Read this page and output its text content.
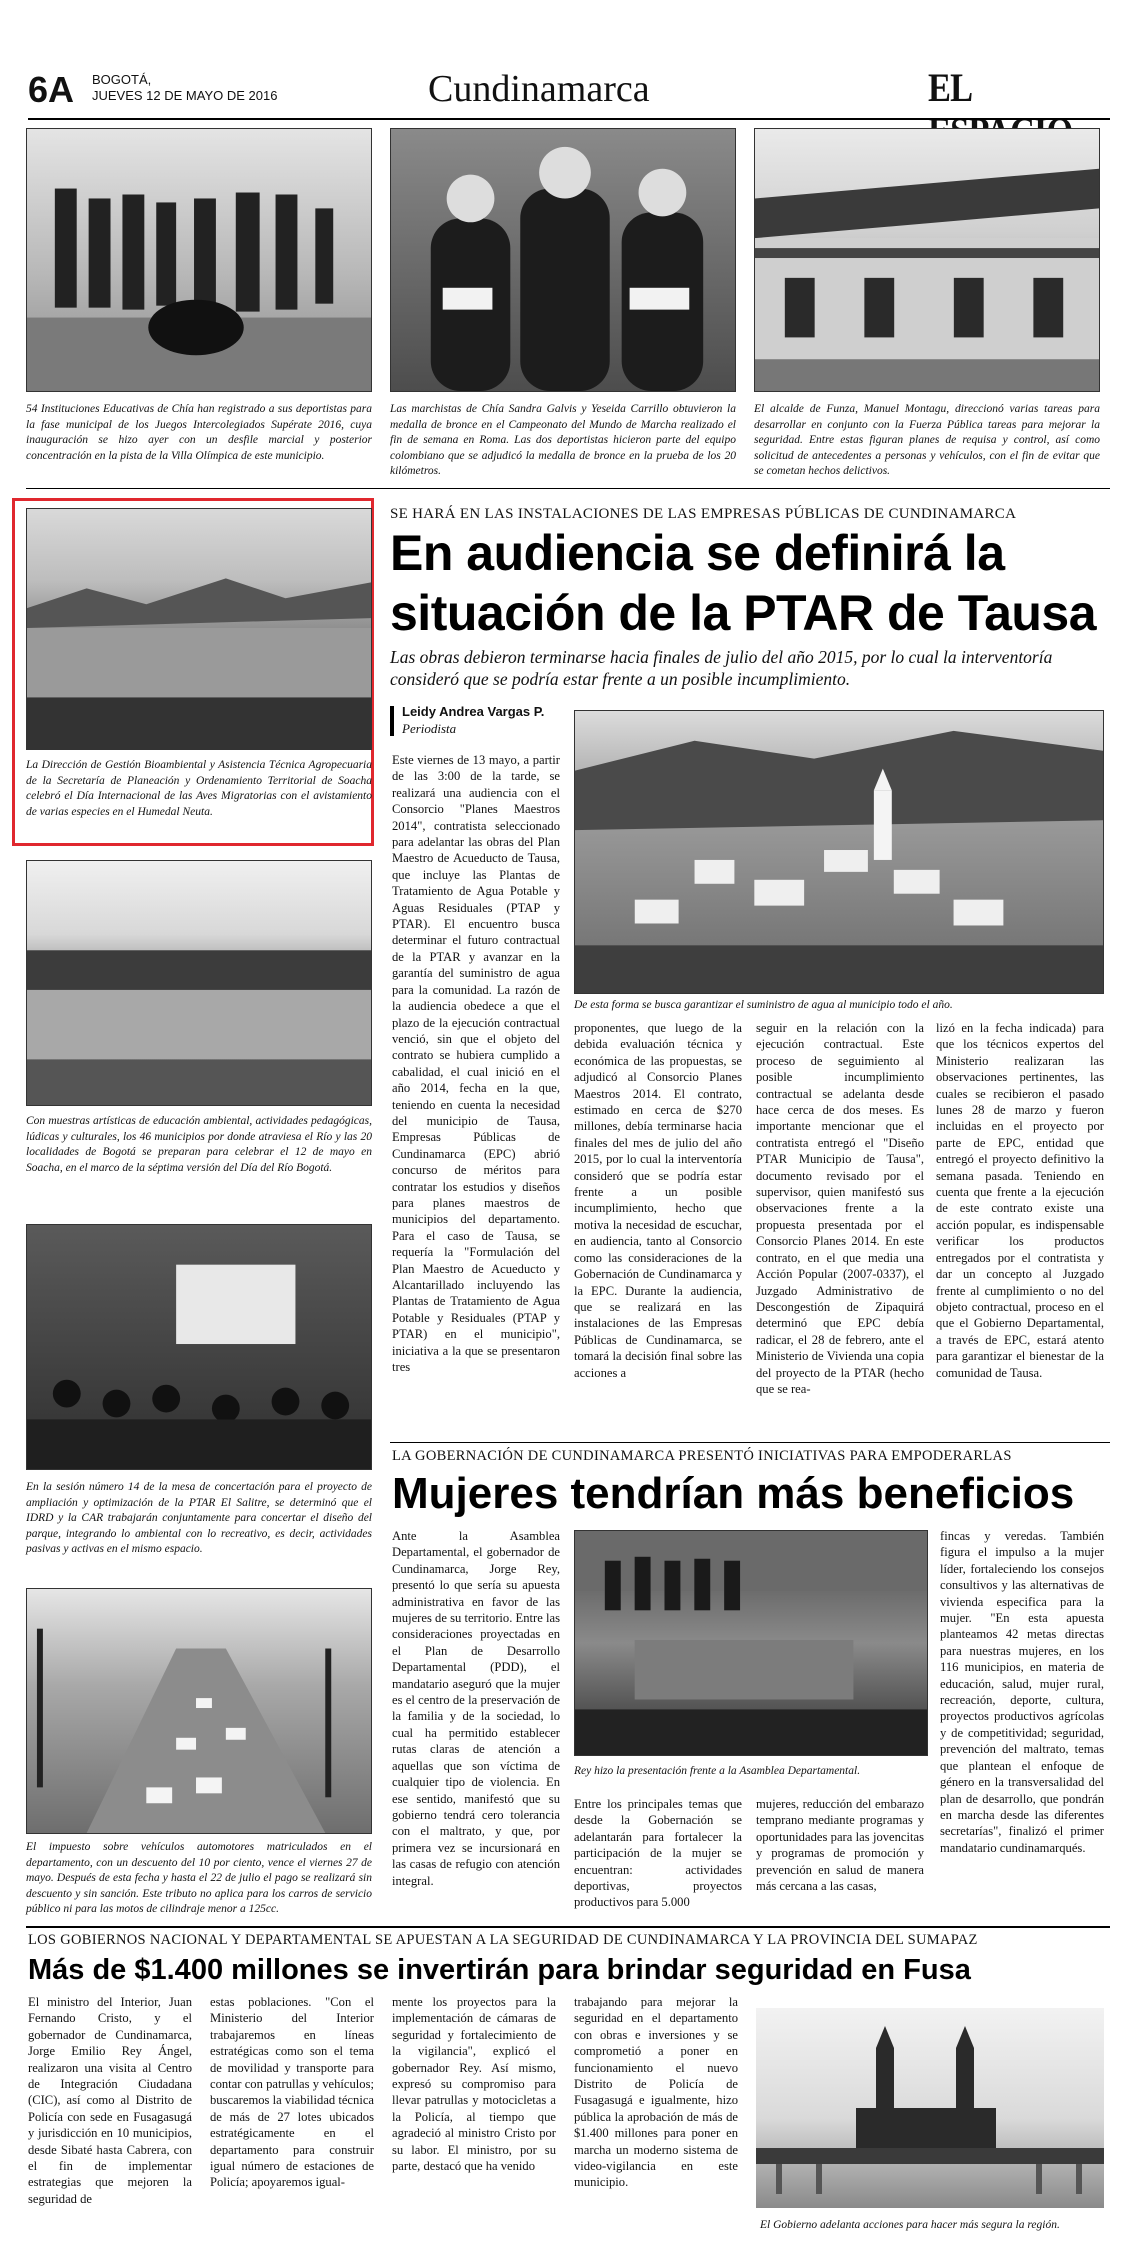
6A BOGOTÁ,
JUEVES 12 DE MAYO DE 2016	Cundinamarca	EL
54 Instituciones Educativas de Chía han registrado a sus deportistas para la fase municipal de los Juegos Intercolegiados Supérate 2016, cuya inauguración se hizo ayer con un desfile marcial y posterior concentración en la pista de la Villa Olímpica de este municipio.
Las marchistas de Chía Sandra Galvis y Yeseida Carrillo obtuvieron la medalla de bronce en el Campeonato del Mundo de Marcha realizado el fin de semana en Roma. Las dos deportistas hicieron parte del equipo colombiano que se adjudicó la medalla de bronce en la prueba de los 20 kilómetros.
El alcalde de Funza, Manuel Montagu, direccionó varias tareas para desarrollar en conjunto con la Fuerza Pública tareas para mejorar la seguridad. Entre estas figuran planes de requisa y control, así como solicitud de antecedentes a personas y vehículos, con el fin de evitar que se cometan hechos delictivos.
La Dirección de Gestión Bioambiental y Asistencia Técnica Agropecuaria de la Secretaría de Planeación y Ordenamiento Territorial de Soacha celebró el Día Internacional de las Aves Migratorias con el avistamiento de varias especies en el Humedal Neuta.
Con muestras artísticas de educación ambiental, actividades pedagógicas, lúdicas y culturales, los 46 municipios por donde atraviesa el Río y las 20 localidades de Bogotá se preparan para celebrar el 12 de mayo en Soacha, en el marco de la séptima versión del Día del Río Bogotá.
En la sesión número 14 de la mesa de concertación para el proyecto de ampliación y optimización de la PTAR El Salitre, se determinó que el IDRD y la CAR trabajarán conjuntamente para concertar el diseño del parque, integrando lo ambiental con lo recreativo, es decir, actividades pasivas y activas en el mismo espacio.
El impuesto sobre vehículos automotores matriculados en el departamento, con un descuento del 10 por ciento, vence el viernes 27 de mayo. Después de esta fecha y hasta el 22 de julio el pago se realizará sin descuento y sin sanción. Este tributo no aplica para los carros de servicio público ni para las motos de cilindraje menor a 125cc.
SE HARÁ EN LAS INSTALACIONES DE LAS EMPRESAS PÚBLICAS DE CUNDINAMARCA
En audiencia se definirá la
situación de la PTAR de Tausa
Las obras debieron terminarse hacia finales de julio del año 2015, por lo cual la interventoría consideró que se podría estar frente a un posible incumplimiento.
Leidy Andrea Vargas P.
Periodista
De esta forma se busca garantizar el suministro de agua al municipio todo el año.
Este viernes de 13 mayo, a partir de las 3:00 de la tarde, se realizará una audiencia con el Consorcio "Planes Maestros 2014", contratista seleccionado para adelantar las obras del Plan Maestro de Acueducto de Tausa, que incluye las Plantas de Tratamiento de Agua Potable y Aguas Residuales (PTAP y PTAR). El encuentro busca determinar el futuro contractual de la PTAR y avanzar en la garantía del suministro de agua para la comunidad. La razón de la audiencia obedece a que el plazo de la ejecución contractual venció, sin que el objeto del contrato se hubiera cumplido a cabalidad, el cual inició en el año 2014, fecha en la que, teniendo en cuenta la necesidad del municipio de Tausa, Empresas Públicas de Cundinamarca (EPC) abrió concurso de méritos para contratar los estudios y diseños para planes maestros de municipios del departamento. Para el caso de Tausa, se requería la "Formulación del Plan Maestro de Acueducto y Alcantarillado incluyendo las Plantas de Tratamiento de Agua Potable y Residuales (PTAP y PTAR) en el municipio", iniciativa a la que se presentaron tres
proponentes, que luego de la debida evaluación técnica y económica de las propuestas, se adjudicó al Consorcio Planes Maestros 2014. El contrato, estimado en cerca de $270 millones, debía terminarse hacia finales del mes de julio del año 2015, por lo cual la interventoría consideró que se podría estar frente a un posible incumplimiento, hecho que motiva la necesidad de escuchar, en audiencia, tanto al Consorcio como las consideraciones de la Gobernación de Cundinamarca y la EPC. Durante la audiencia, que se realizará en las instalaciones de las Empresas Públicas de Cundinamarca, se tomará la decisión final sobre las acciones a
seguir en la relación con la ejecución contractual. Este proceso de seguimiento al posible incumplimiento contractual se adelanta desde hace cerca de dos meses. Es importante mencionar que el contratista entregó el "Diseño PTAR Municipio de Tausa", documento revisado por el supervisor, quien manifestó sus observaciones frente a la propuesta presentada por el Consorcio Planes 2014. En este contrato, en el que media una Acción Popular (2007-0337), el Juzgado Administrativo de Descongestión de Zipaquirá determinó que EPC debía radicar, el 28 de febrero, ante el Ministerio de Vivienda una copia del proyecto de la PTAR (hecho que se rea-
lizó en la fecha indicada) para que los técnicos expertos del Ministerio realizaran las observaciones pertinentes, las cuales se recibieron el pasado lunes 28 de marzo y fueron incluidas en el proyecto por parte de EPC, entidad que entregó el proyecto definitivo la semana pasada. Teniendo en cuenta que frente a la ejecución de este contrato existe una acción popular, es indispensable verificar los productos entregados por el contratista y dar un concepto al Juzgado frente al cumplimiento o no del objeto contractual, proceso en el que el Gobierno Departamental, a través de EPC, estará atento para garantizar el bienestar de la comunidad de Tausa.
LA GOBERNACIÓN DE CUNDINAMARCA PRESENTÓ INICIATIVAS PARA EMPODERARLAS
Mujeres tendrían más beneficios
Ante la Asamblea Departamental, el gobernador de Cundinamarca, Jorge Rey, presentó lo que sería su apuesta administrativa en favor de las mujeres de su territorio. Entre las consideraciones proyectadas en el Plan de Desarrollo Departamental (PDD), el mandatario aseguró que la mujer es el centro de la preservación de la familia y de la sociedad, lo cual ha permitido establecer rutas claras de atención a aquellas que son víctima de cualquier tipo de violencia. En ese sentido, manifestó que su gobierno tendrá cero tolerancia con el maltrato, y que, por primera vez se incursionará en las casas de refugio con atención integral.
Rey hizo la presentación frente a la Asamblea Departamental.
Entre los principales temas que desde la Gobernación se adelantarán para fortalecer la participación de la mujer se encuentran: actividades deportivas, proyectos productivos para 5.000
mujeres, reducción del embarazo temprano mediante programas y oportunidades para las jovencitas y programas de promoción y prevención en salud de manera más cercana a las casas,
fincas y veredas. También figura el impulso a la mujer líder, fortaleciendo los consejos consultivos y las alternativas de vivienda especifica para la mujer. "En esta apuesta planteamos 42 metas directas para nuestras mujeres, en los 116 municipios, en materia de educación, salud, mujer rural, recreación, deporte, cultura, proyectos productivos agrícolas y de competitividad; seguridad, prevención del maltrato, temas que plantean el enfoque de género en la transversalidad del plan de desarrollo, que pondrán en marcha desde las diferentes secretarías", finalizó el primer mandatario cundinamarqués.
LOS GOBIERNOS NACIONAL Y DEPARTAMENTAL SE APUESTAN A LA SEGURIDAD DE CUNDINAMARCA Y LA PROVINCIA DEL SUMAPAZ
Más de $1.400 millones se invertirán para brindar seguridad en Fusa
El ministro del Interior, Juan Fernando Cristo, y el gobernador de Cundinamarca, Jorge Emilio Rey Ángel, realizaron una visita al Centro de Integración Ciudadana (CIC), así como al Distrito de Policía con sede en Fusagasugá y jurisdicción en 10 municipios, desde Sibaté hasta Cabrera, con el fin de implementar estrategias que mejoren la seguridad de
estas poblaciones. "Con el Ministerio del Interior trabajaremos en líneas estratégicas como son el tema de movilidad y transporte para contar con patrullas y vehículos; buscaremos la viabilidad técnica de más de 27 lotes ubicados estratégicamente en el departamento para construir igual número de estaciones de Policía; apoyaremos igual-
mente los proyectos para la implementación de cámaras de seguridad y fortalecimiento de la vigilancia", explicó el gobernador Rey. Así mismo, expresó su compromiso para llevar patrullas y motocicletas a la Policía, al tiempo que agradeció al ministro Cristo por su labor. El ministro, por su parte, destacó que ha venido
trabajando para mejorar la seguridad en el departamento con obras e inversiones y se comprometió a poner en funcionamiento el nuevo Distrito de Policía de Fusagasugá e igualmente, hizo pública la aprobación de más de $1.400 millones para poner en marcha un moderno sistema de video-vigilancia en este municipio.
El Gobierno adelanta acciones para hacer más segura la región.
